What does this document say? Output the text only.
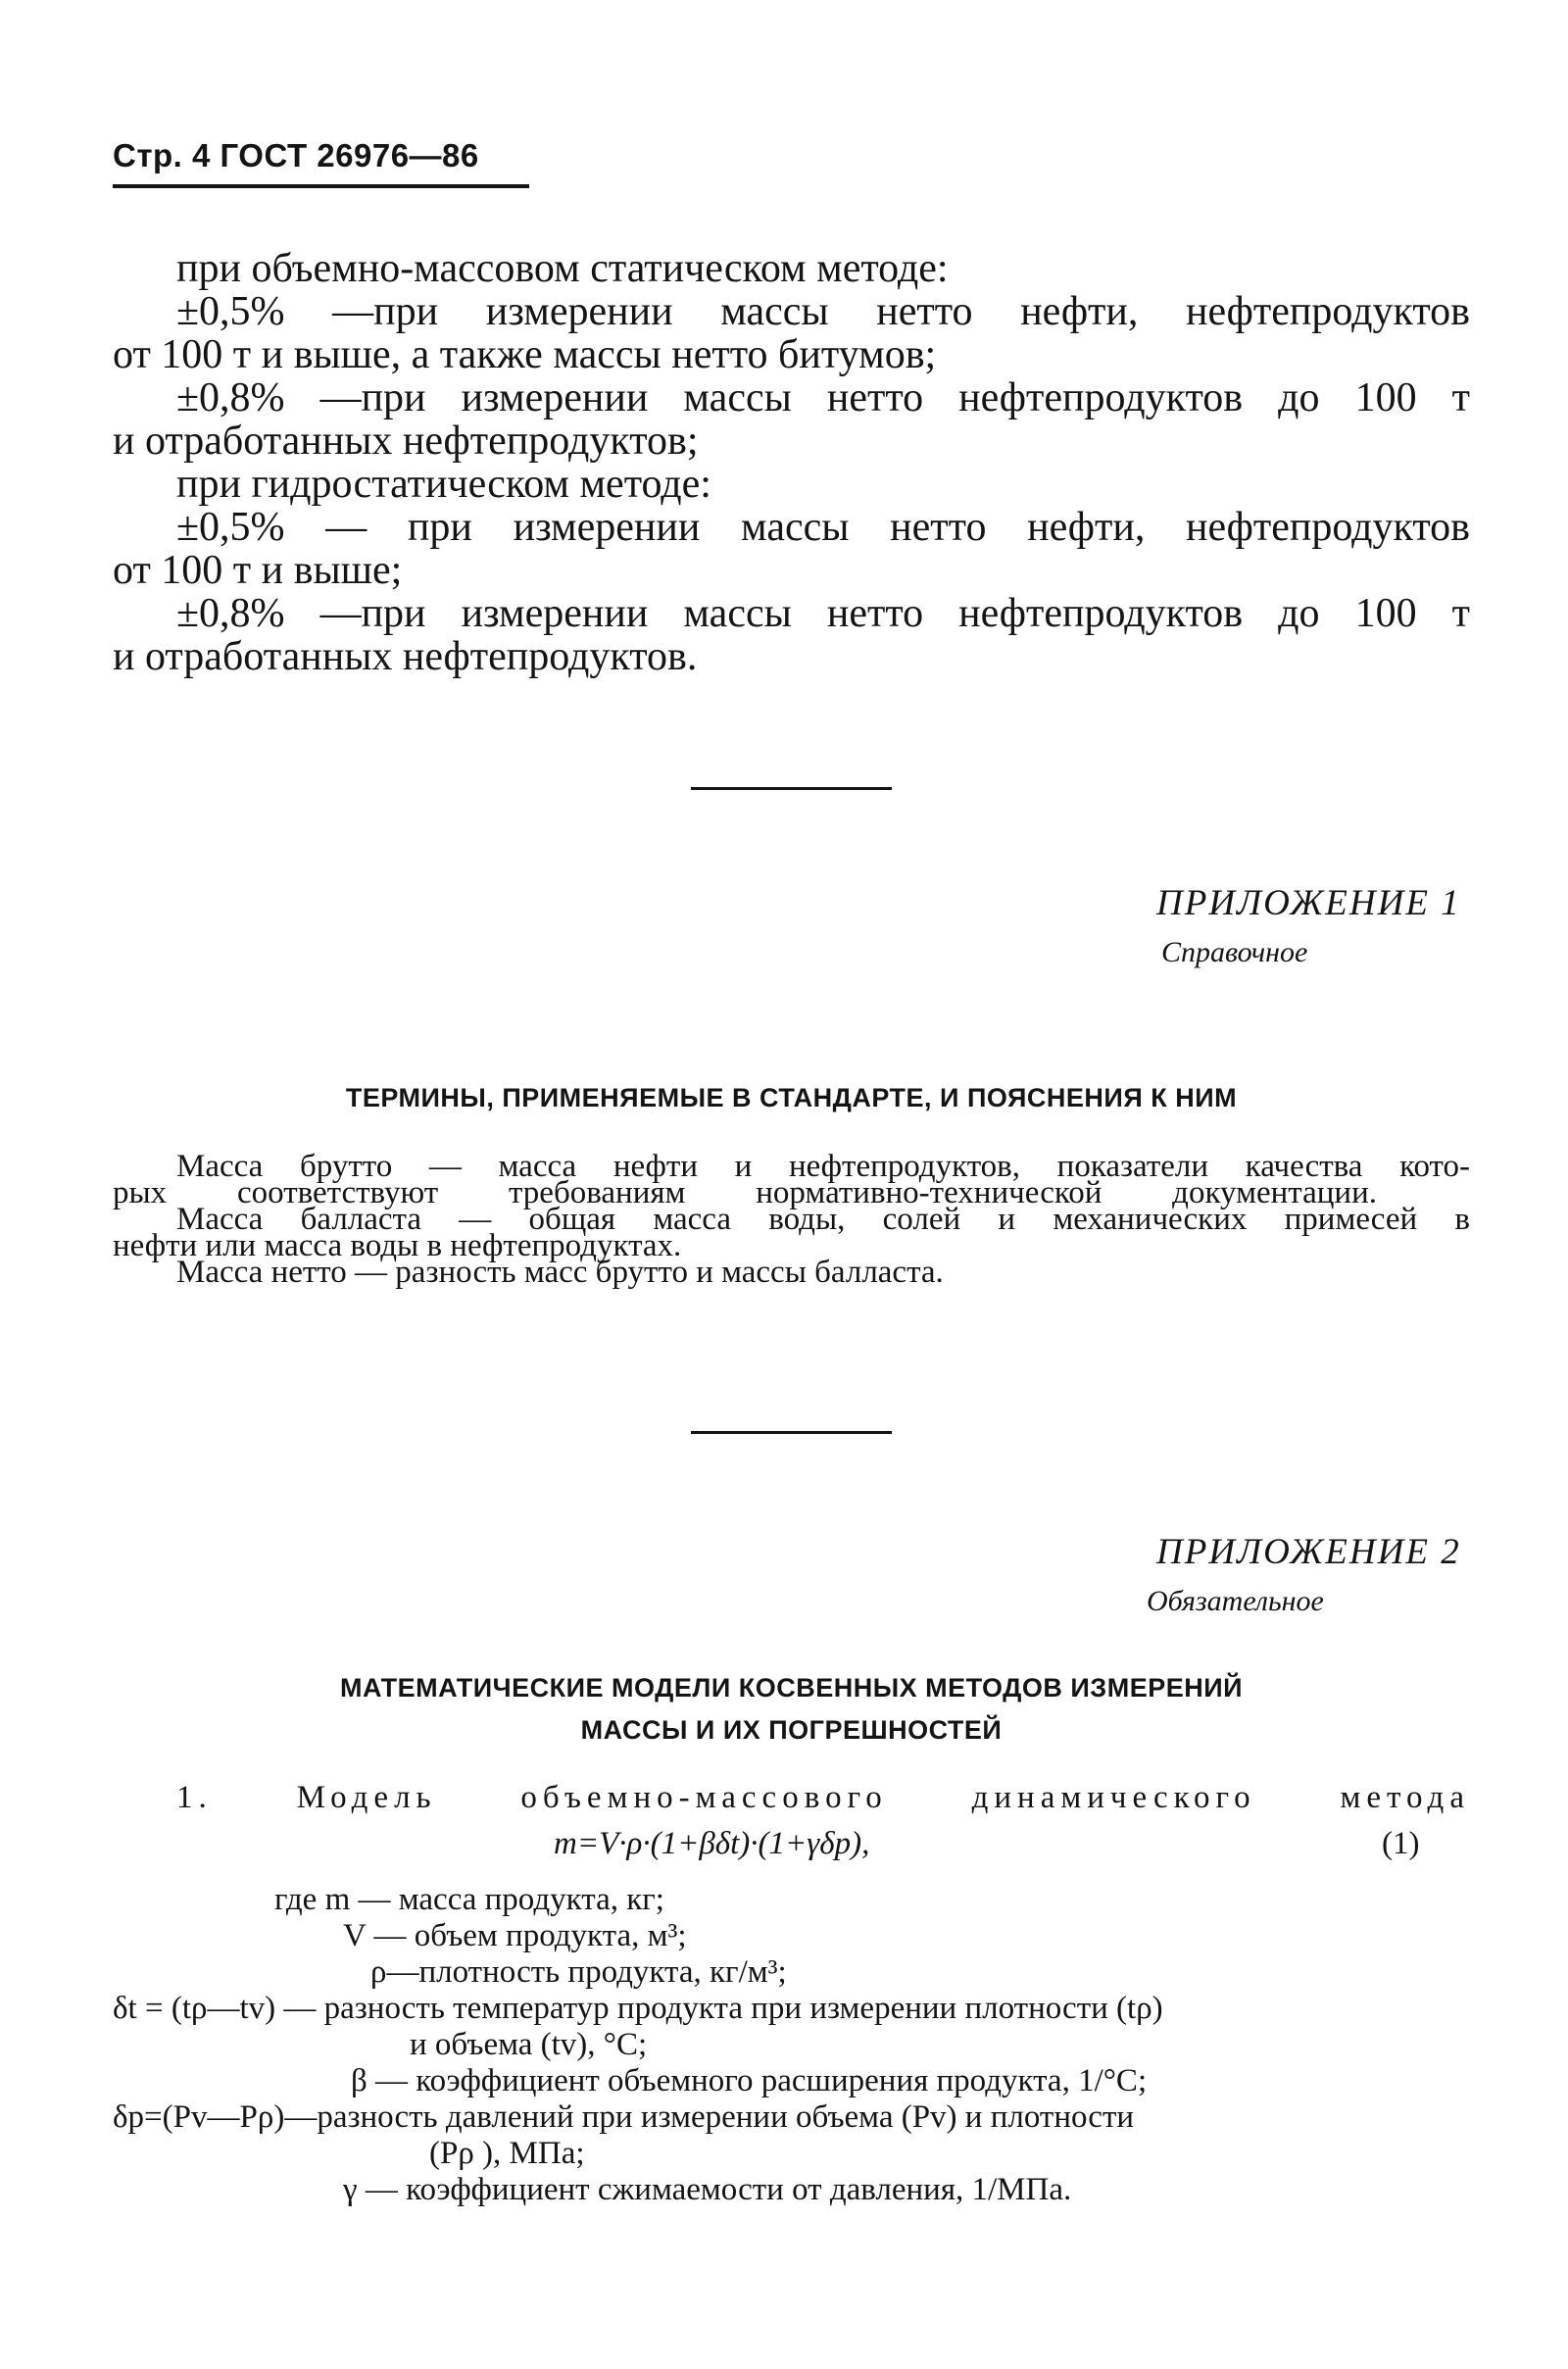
Стр. 4 ГОСТ 26976—86
при объемно-массовом статическом методе:
±0,5% —при измерении массы нетто нефти, нефтепродуктов
от 100 т и выше, а также массы нетто битумов;
±0,8% —при измерении массы нетто нефтепродуктов до 100 т
и отработанных нефтепродуктов;
при гидростатическом методе:
±0,5% — при измерении массы нетто нефти, нефтепродуктов
от 100 т и выше;
±0,8% —при измерении массы нетто нефтепродуктов до 100 т
и отработанных нефтепродуктов.
ПРИЛОЖЕНИЕ 1
Справочное
ТЕРМИНЫ, ПРИМЕНЯЕМЫЕ В СТАНДАРТЕ, И ПОЯСНЕНИЯ К НИМ
Масса брутто — масса нефти и нефтепродуктов, показатели качества кото-
рых соответствуют требованиям нормативно-технической документации.
Масса балласта — общая масса воды, солей и механических примесей в
нефти или масса воды в нефтепродуктах.
Масса нетто — разность масс брутто и массы балласта.
ПРИЛОЖЕНИЕ 2
Обязательное
МАТЕМАТИЧЕСКИЕ МОДЕЛИ КОСВЕННЫХ МЕТОДОВ ИЗМЕРЕНИЙ
МАССЫ И ИХ ПОГРЕШНОСТЕЙ
1. Модель объемно-массового динамического метода
m=V·ρ·(1+βδt)·(1+γδp),	(1)
где m — масса продукта, кг;
V — объем продукта, м³;
ρ—плотность продукта, кг/м³;
δt = (tρ—tv) — разность температур продукта при измерении плотности (tρ)
и объема (tv), °С;
β — коэффициент объемного расширения продукта, 1/°С;
δp=(Pv—Pρ)—разность давлений при измерении объема (Pv) и плотности
(Pρ ), МПа;
γ — коэффициент сжимаемости от давления, 1/МПа.
